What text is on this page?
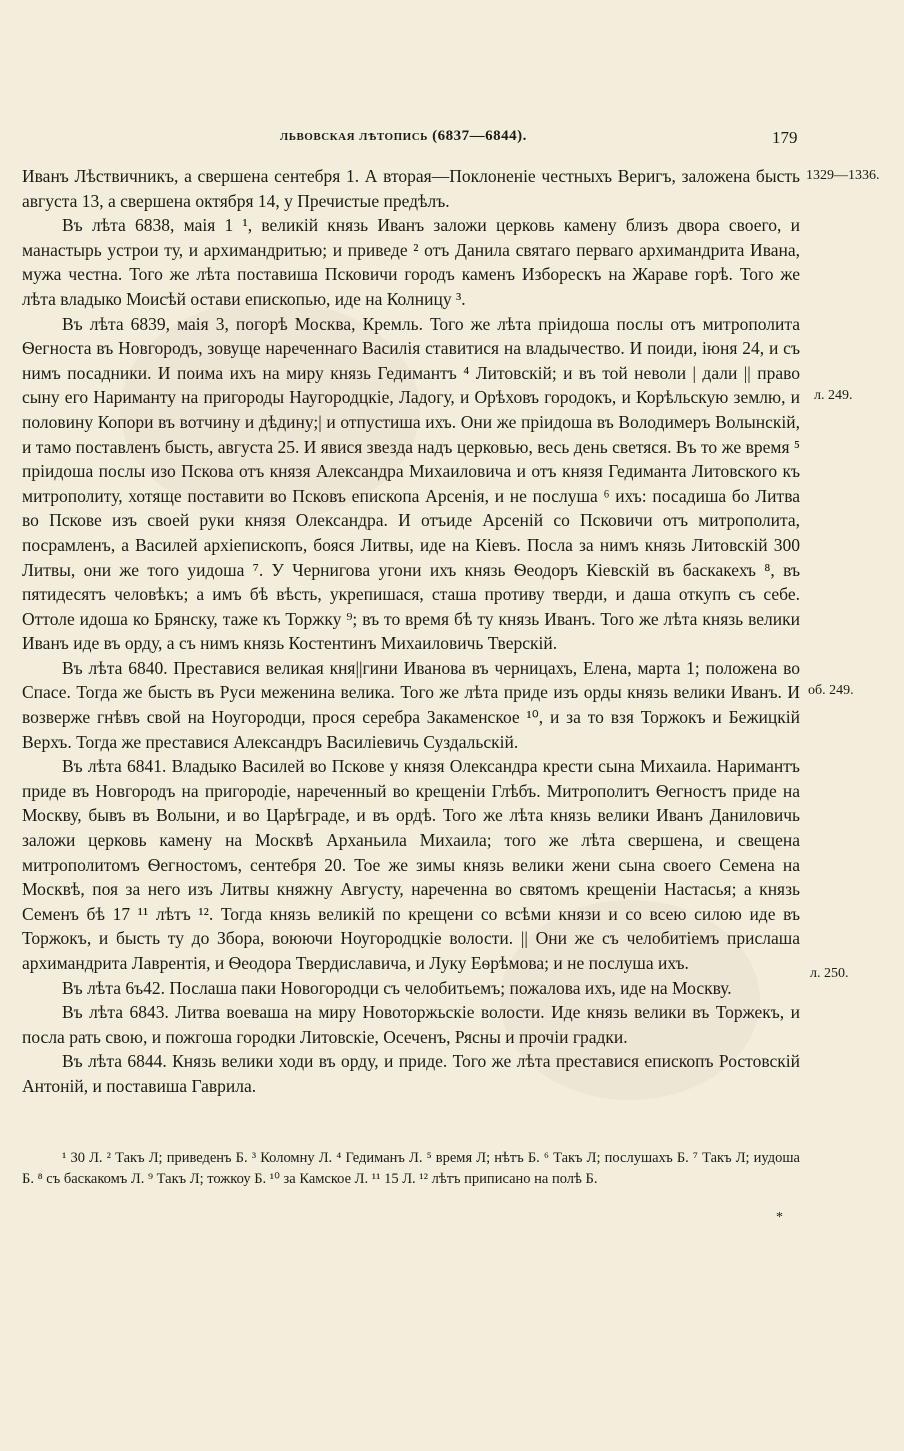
львовская лѣтопись (6837—6844).	179
1329—1336.
л. 249.
об. 249.
л. 250.

Иванъ Лѣствичникъ, а свершена сентебря 1. А вторая—Поклоненіе честныхъ Веригъ, заложена бысть августа 13, а свершена октября 14, у Пречистые предѣлъ.

Въ лѣта 6838, маія 1 ¹, великій князь Иванъ заложи церковь камену близъ двора своего, и манастырь устрои ту, и архимандритью; и приведе ² отъ Данила святаго перваго архимандрита Ивана, мужа честна. Того же лѣта поставиша Псковичи городъ каменъ Изборескъ на Жараве горѣ. Того же лѣта владыко Моисѣй остави епископью, иде на Колницу ³.

Въ лѣта 6839, маія 3, погорѣ Москва, Кремль. Того же лѣта пріидоша послы отъ митрополита Ѳегноста въ Новгородъ, зовуще нареченнаго Василія ставитися на владычество. И поиди, іюня 24, и съ нимъ посадники. И поима ихъ на миру князь Гедимантъ ⁴ Литовскій; и въ той неволи | дали || право сыну его Нариманту на пригороды Наугородцкіе, Ладогу, и Орѣховъ городокъ, и Корѣльскую землю, и половину Копори въ вотчину и дѣдину;| и отпустиша ихъ. Они же пріидоша въ Володимеръ Волынскій, и тамо поставленъ бысть, августа 25. И явися звезда надъ церковью, весь день светяся. Въ то же время ⁵ пріидоша послы изо Пскова отъ князя Александра Михаиловича и отъ князя Гедиманта Литовского къ митрополиту, хотяще поставити во Псковъ епископа Арсенія, и не послуша ⁶ ихъ: посадиша бо Литва во Пскове изъ своей руки князя Олександра. И отъиде Арсеній со Псковичи отъ митрополита, посрамленъ, а Василей архіепископъ, бояся Литвы, иде на Кіевъ. Посла за нимъ князь Литовскій 300 Литвы, они же того уидоша ⁷. У Чернигова угони ихъ князь Ѳеодоръ Кіевскій въ баскакехъ ⁸, въ пятидесятъ человѣкъ; а имъ бѣ вѣсть, укрепишася, сташа противу тверди, и даша откупъ съ себе. Оттоле идоша ко Брянску, таже къ Торжку ⁹; въ то время бѣ ту князь Иванъ. Того же лѣта князь велики Иванъ иде въ орду, а съ нимъ князь Костентинъ Михаиловичь Тверскій.

Въ лѣта 6840. Преставися великая кня||гини Иванова въ черницахъ, Елена, марта 1; положена во Спасе. Тогда же бысть въ Руси меженина велика. Того же лѣта приде изъ орды князь велики Иванъ. И возверже гнѣвъ свой на Ноугородци, прося серебра Закаменское ¹⁰, и за то взя Торжокъ и Бежицкій Верхъ. Тогда же преставися Александръ Василіевичь Суздальскій.

Въ лѣта 6841. Владыко Василей во Пскове у князя Олександра крести сына Михаила. Наримантъ приде въ Новгородъ на пригородіе, нареченный во крещеніи Глѣбъ. Митрополитъ Ѳегностъ приде на Москву, бывъ въ Волыни, и во Царѣграде, и въ ордѣ. Того же лѣта князь велики Иванъ Даниловичь заложи церковь камену на Москвѣ Арханьила Михаила; того же лѣта свершена, и свещена митрополитомъ Ѳегностомъ, сентебря 20. Тое же зимы князь велики жени сына своего Семена на Москвѣ, поя за него изъ Литвы княжну Августу, нареченна во святомъ крещеніи Настасья; а князь Семенъ бѣ 17 ¹¹ лѣтъ ¹². Тогда князь великій по крещени со всѣми князи и со всею силою иде въ Торжокъ, и бысть ту до Збора, воюючи Ноугородцкіе волости. || Они же съ челобитіемъ прислаша архимандрита Лаврентія, и Ѳеодора Твердиславича, и Луку Еѳрѣмова; и не послуша ихъ.

Въ лѣта 6ъ42. Послаша паки Новогородци съ челобитьемъ; пожалова ихъ, иде на Москву.

Въ лѣта 6843. Литва воеваша на миру Новоторжьскіе волости. Иде князь велики въ Торжекъ, и посла рать свою, и пожгоша городки Литовскіе, Осеченъ, Рясны и прочіи градки.

Въ лѣта 6844. Князь велики ходи въ орду, и приде. Того же лѣта преставися епископъ Ростовскій Антоній, и поставиша Гаврила.

¹ 30 Л. ² Такъ Л; приведенъ Б. ³ Коломну Л. ⁴ Гедиманъ Л. ⁵ время Л; нѣтъ Б. ⁶ Такъ Л; послушахъ Б. ⁷ Такъ Л; иудоша Б. ⁸ съ баскакомъ Л. ⁹ Такъ Л; тожкоу Б. ¹⁰ за Камское Л. ¹¹ 15 Л. ¹² лѣтъ приписано на полѣ Б.

*
